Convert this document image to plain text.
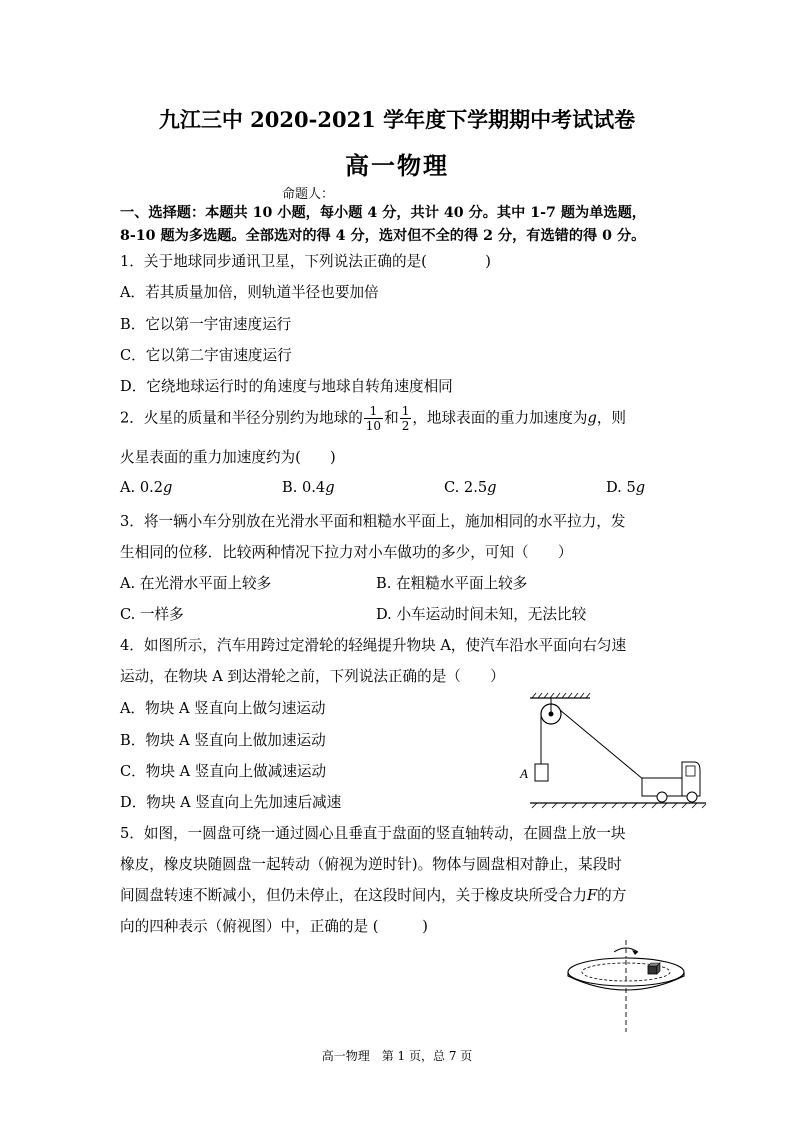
九江三中 2020-2021 学年度下学期期中考试试卷
高一物理
命题人：
一、选择题：本题共 10 小题，每小题 4 分，共计 40 分。其中 1-7 题为单选题，
8-10 题为多选题。全部选对的得 4 分，选对但不全的得 2 分，有选错的得 0 分。
1．关于地球同步通讯卫星，下列说法正确的是(　　　　)
A．若其质量加倍，则轨道半径也要加倍
B．它以第一宇宙速度运行
C．它以第二宇宙速度运行
D．它绕地球运行时的角速度与地球自转角速度相同
2．火星的质量和半径分别约为地球的 $\frac{1}{10}$ 和 $\frac{1}{2}$ ，地球表面的重力加速度为g，则
火星表面的重力加速度约为(　　)
A. 0.2g	B. 0.4g	C. 2.5g	D. 5g
3．将一辆小车分别放在光滑水平面和粗糙水平面上，施加相同的水平拉力，发
生相同的位移．比较两种情况下拉力对小车做功的多少，可知（　　）
A. 在光滑水平面上较多	B. 在粗糙水平面上较多
C. 一样多	D. 小车运动时间未知，无法比较
4．如图所示，汽车用跨过定滑轮的轻绳提升物块 A，使汽车沿水平面向右匀速
运动，在物块 A 到达滑轮之前，下列说法正确的是（　　）
A．物块 A 竖直向上做匀速运动
B．物块 A 竖直向上做加速运动
C．物块 A 竖直向上做减速运动
D．物块 A 竖直向上先加速后减速
A
5．如图，一圆盘可绕一通过圆心且垂直于盘面的竖直轴转动，在圆盘上放一块
橡皮，橡皮块随圆盘一起转动（俯视为逆时针)。物体与圆盘相对静止，某段时
间圆盘转速不断减小，但仍未停止，在这段时间内，关于橡皮块所受合力F的方
向的四种表示（俯视图）中，正确的是 (　　　)
高一物理　第 1 页，总 7 页
